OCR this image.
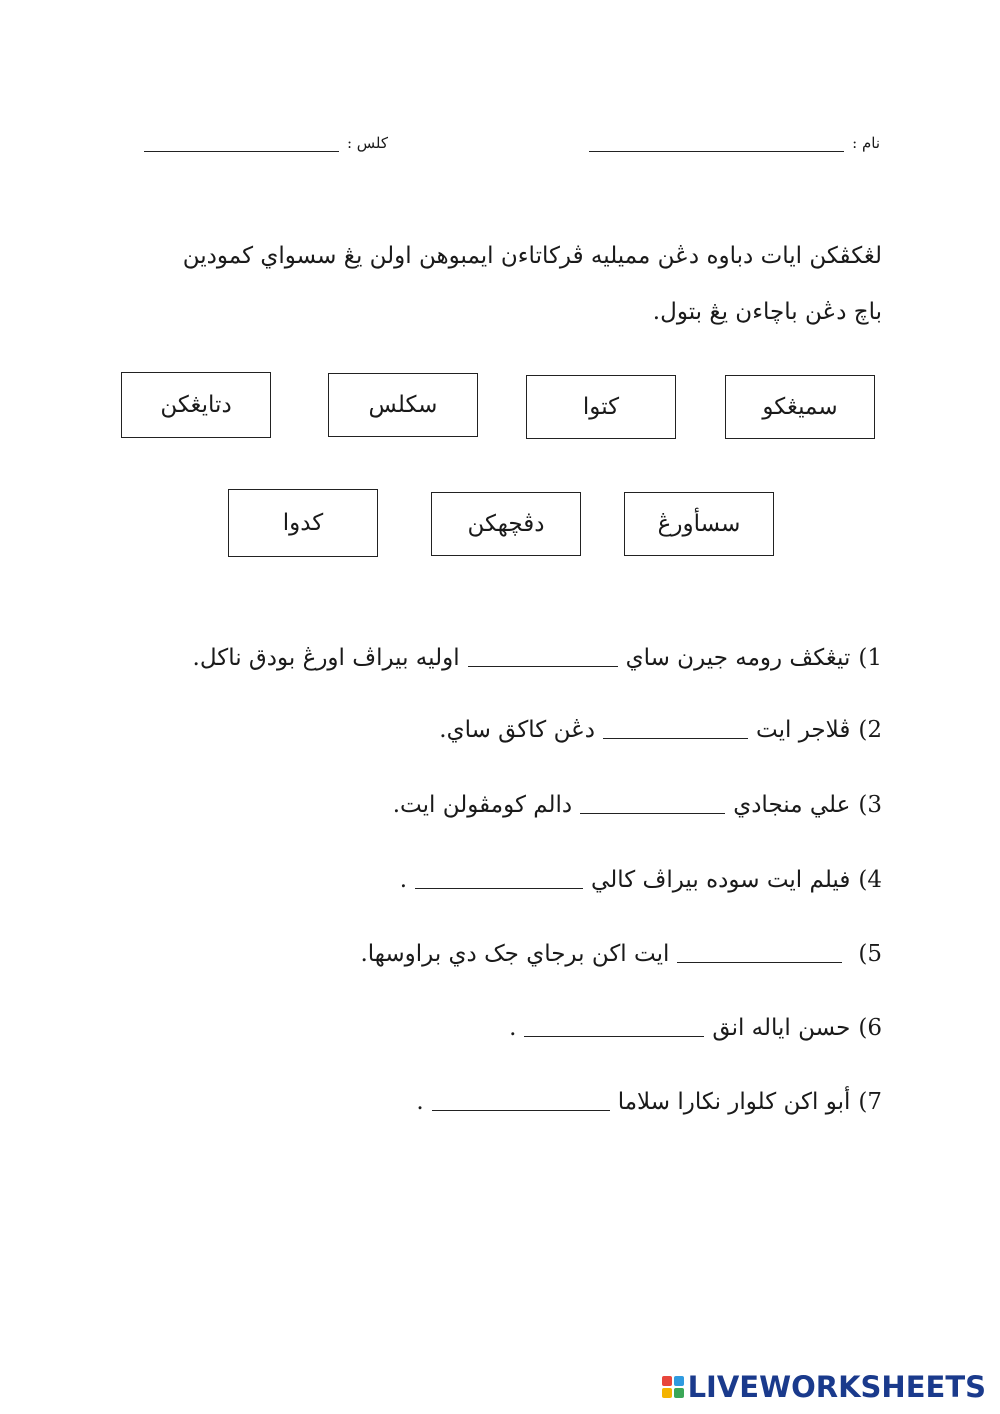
نام :
كلس :
لڠكڤكن ايات دباوه دڠن مميليه ڤركاتاءن ايمبوهن اولن يڠ سسواي كمودين باچ دڠن باچاءن يڠ بتول.
سميڠكو
كتوا
سكلس
دتايڠكن
سسأورڠ
دڤچهكن
كدوا
1)
تيڠكڤ رومه جيرن ساي
اوليه بيراڤ اورڠ بودق ناكل.
2)
ڤلاجر ايت
دڠن كاكق ساي.
3)
علي منجادي
دالم كومڤولن ايت.
4)
فيلم ايت سوده بيراڤ كالي
.
5)
ايت اكن برجاي جک دي براوسها.
6)
حسن اياله انق
.
7)
أبو اكن كلوار نكارا سلاما
.
LIVEWORKSHEETS
